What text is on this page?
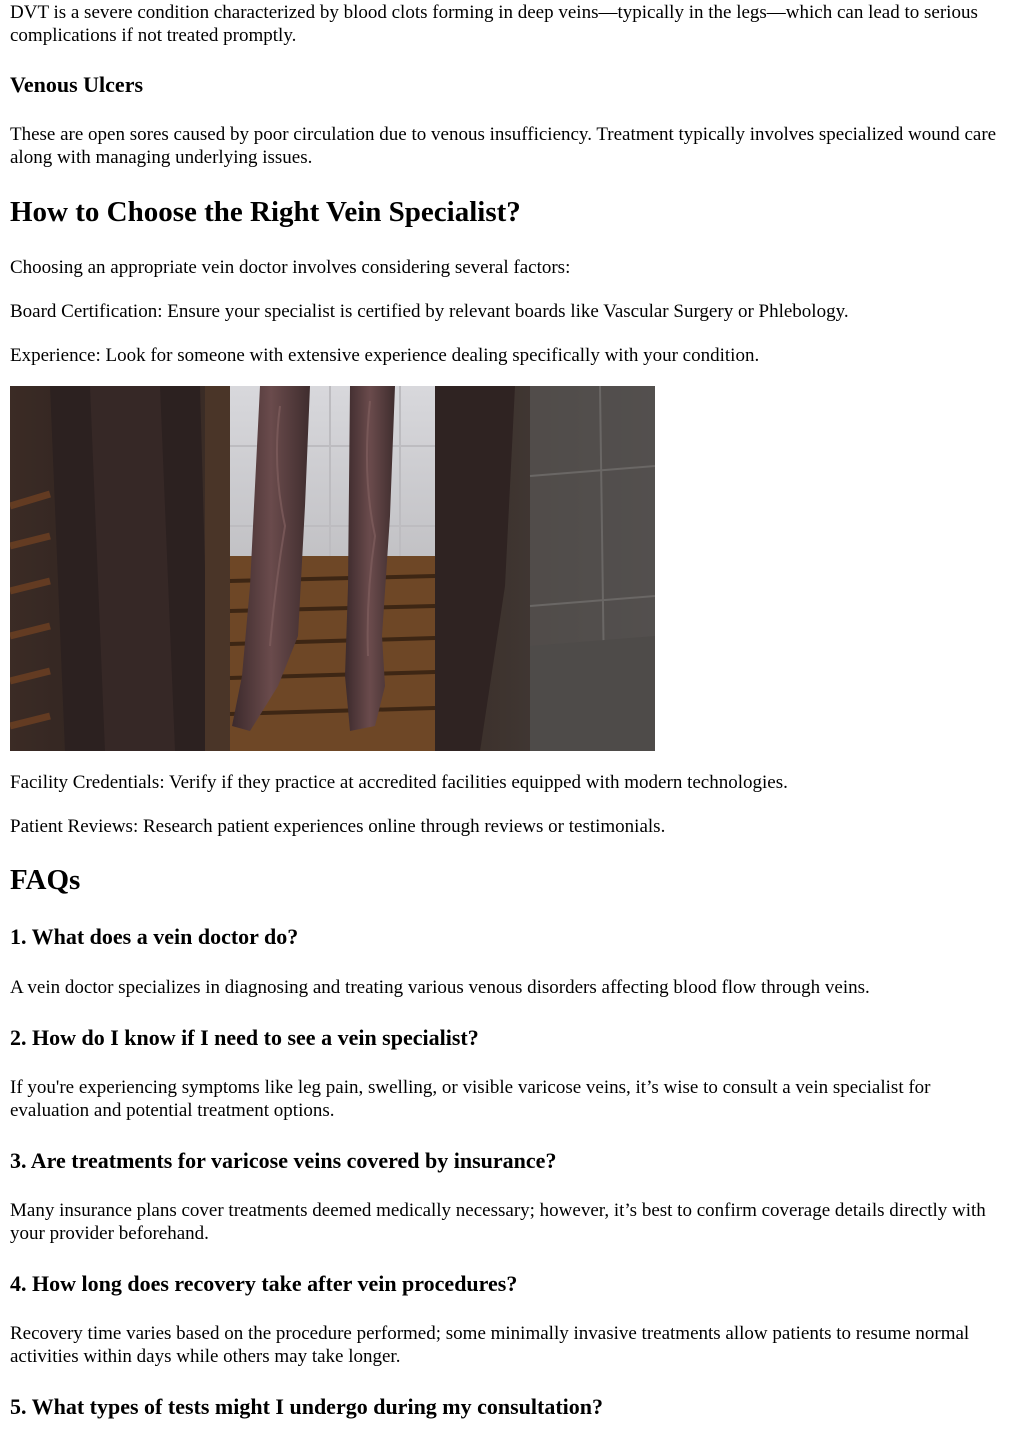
DVT is a severe condition characterized by blood clots forming in deep veins—typically in the legs—which can lead to serious complications if not treated promptly.

Venous Ulcers

These are open sores caused by poor circulation due to venous insufficiency. Treatment typically involves specialized wound care along with managing underlying issues.

How to Choose the Right Vein Specialist?

Choosing an appropriate vein doctor involves considering several factors:

Board Certification: Ensure your specialist is certified by relevant boards like Vascular Surgery or Phlebology.

Experience: Look for someone with extensive experience dealing specifically with your condition.

Facility Credentials: Verify if they practice at accredited facilities equipped with modern technologies.

Patient Reviews: Research patient experiences online through reviews or testimonials.

FAQs
1. What does a vein doctor do?

A vein doctor specializes in diagnosing and treating various venous disorders affecting blood flow through veins.

2. How do I know if I need to see a vein specialist?

If you're experiencing symptoms like leg pain, swelling, or visible varicose veins, it’s wise to consult a vein specialist for evaluation and potential treatment options.

3. Are treatments for varicose veins covered by insurance?

Many insurance plans cover treatments deemed medically necessary; however, it’s best to confirm coverage details directly with your provider beforehand.

4. How long does recovery take after vein procedures?

Recovery time varies based on the procedure performed; some minimally invasive treatments allow patients to resume normal activities within days while others may take longer.

5. What types of tests might I undergo during my consultation?
